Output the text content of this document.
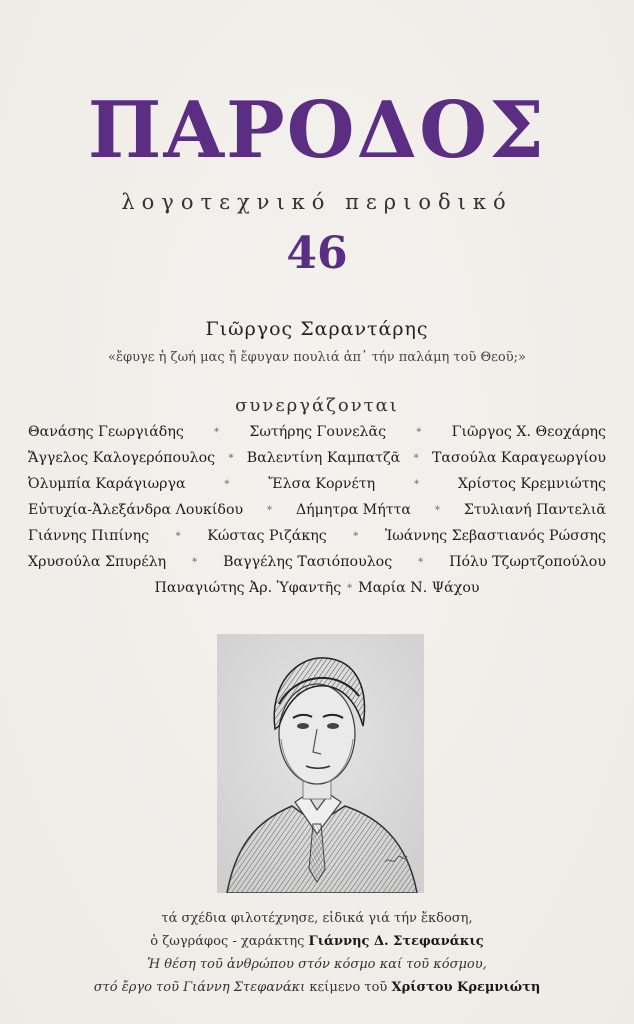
ΠΑΡΟΔΟΣ
λογοτεχνικό περιοδικό
46
Γιῶργος Σαραντάρης
«ἔφυγε ἡ ζωή μας ἤ ἔφυγαν πουλιά ἀπ᾿ τήν παλάμη τοῦ Θεοῦ;»
συνεργάζονται
Θανάσης Γεωργιάδης	* Σωτήρης Γουνελᾶς	* Γιῶργος Χ. Θεοχάρης
Ἄγγελος Καλογερόπουλος * Βαλεντίνη Καμπατζᾶ * Τασούλα Καραγεωργίου
Ὀλυμπία Καράγιωργα	*	Ἔλσα Κορνέτη	*	Χρίστος Κρεμνιώτης
Εὐτυχία-Ἀλεξάνδρα Λουκίδου * Δήμητρα Μήττα * Στυλιανή Παντελιᾶ
Γιάννης Πιπίνης	* Κώστας Ριζάκης	* Ἰωάννης Σεβαστιανός Ρώσσης
Χρυσούλα Σπυρέλη	* Βαγγέλης Τασιόπουλος	* Πόλυ Τζωρτζοπούλου
Παναγιώτης Ἀρ. Ὑφαντῆς * Μαρία Ν. Ψάχου
τά σχέδια φιλοτέχνησε, εἰδικά γιά τήν ἔκδοση,
ὁ ζωγράφος - χαράκτης Γιάννης Δ. Στεφανάκις
Ἡ θέση τοῦ ἀνθρώπου στόν κόσμο καί τοῦ κόσμου,
στό ἔργο τοῦ Γιάννη Στεφανάκι κείμενο τοῦ Χρίστου Κρεμνιώτη
